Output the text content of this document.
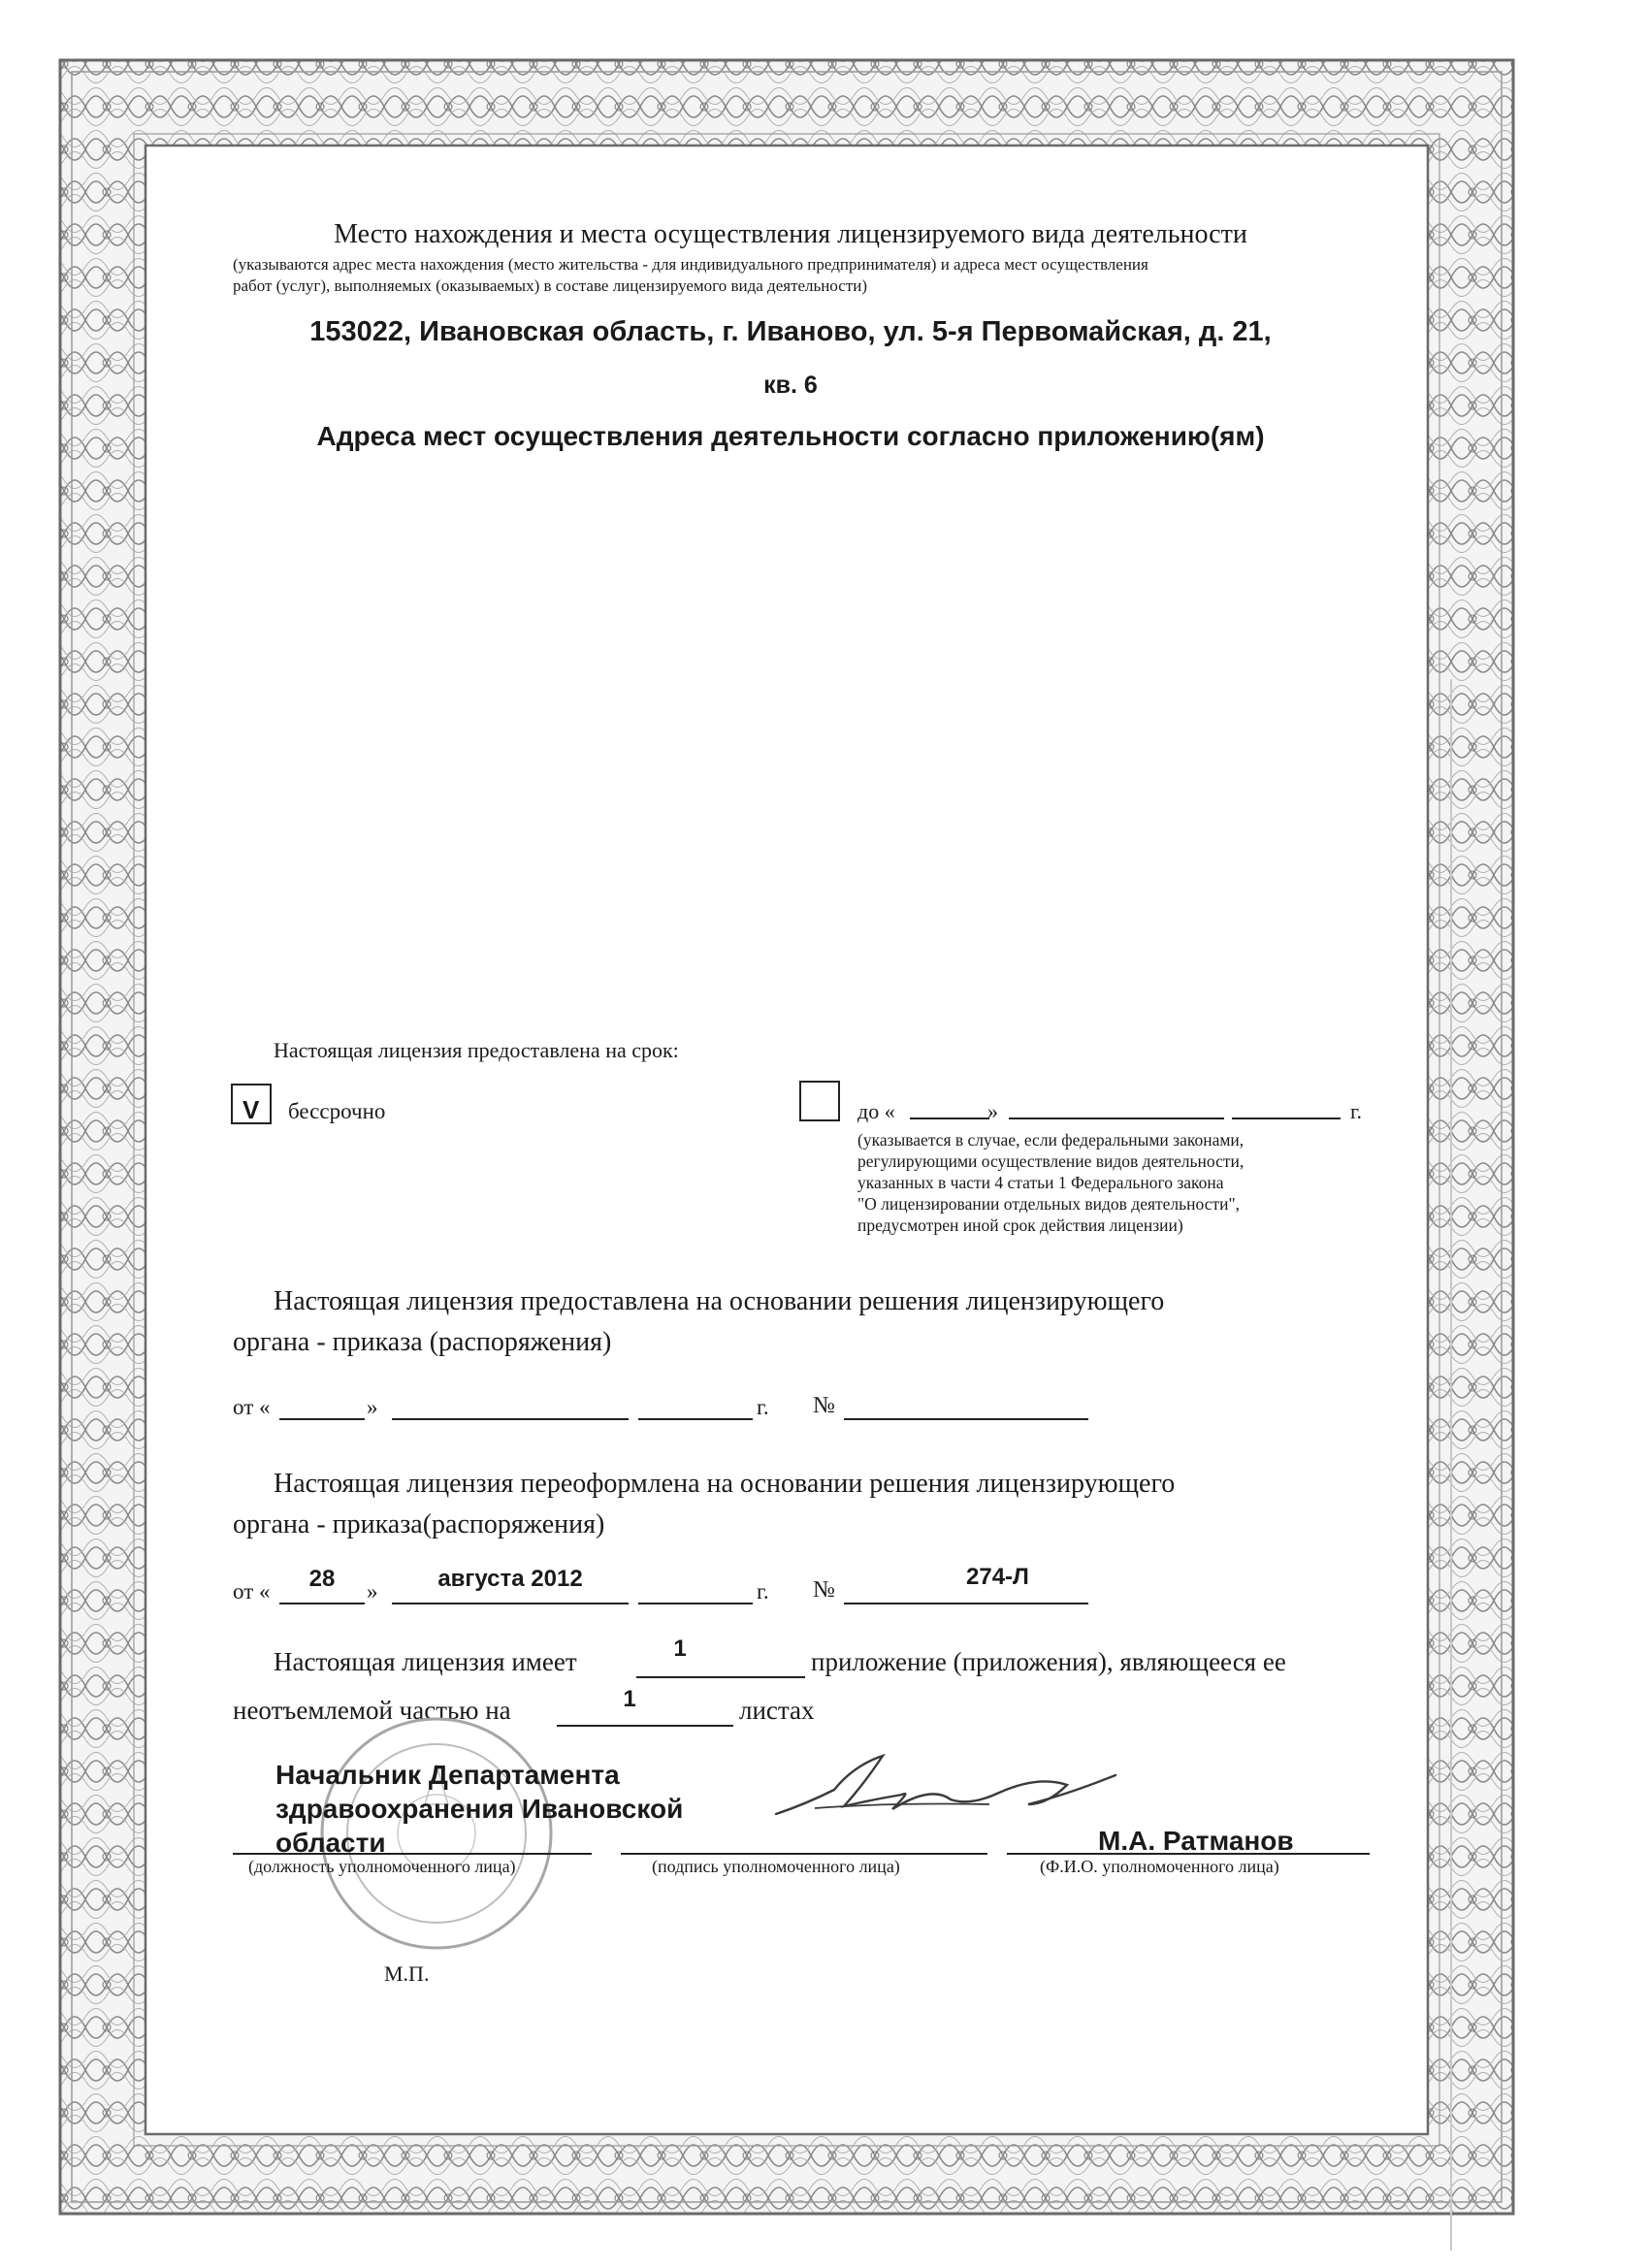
Место нахождения и места осуществления лицензируемого вида деятельности
(указываются адрес места нахождения (место жительства - для индивидуального предпринимателя) и адреса мест осуществления
работ (услуг), выполняемых (оказываемых) в составе лицензируемого вида деятельности)
153022, Ивановская область, г. Иваново, ул. 5-я Первомайская, д. 21,
кв. 6
Адреса мест осуществления деятельности согласно приложению(ям)
Настоящая лицензия предоставлена на срок:
V бессрочно	до «	»	г.
(указывается в случае, если федеральными законами,
регулирующими осуществление видов деятельности,
указанных в части 4 статьи 1 Федерального закона
"О лицензировании отдельных видов деятельности",
предусмотрен иной срок действия лицензии)
Настоящая лицензия предоставлена на основании решения лицензирующего
органа - приказа (распоряжения)
от «	»	г. №
Настоящая лицензия переоформлена на основании решения лицензирующего
органа - приказа(распоряжения)
от «	28	»	августа 2012	г. №	274-Л
Настоящая лицензия имеет	1	приложение (приложения), являющееся ее
неотъемлемой частью на	1	листах
Начальник Департамента
здравоохранения Ивановской
области	М.А. Ратманов
(должность уполномоченного лица)	(подпись уполномоченного лица)	(Ф.И.О. уполномоченного лица)
М.П.
